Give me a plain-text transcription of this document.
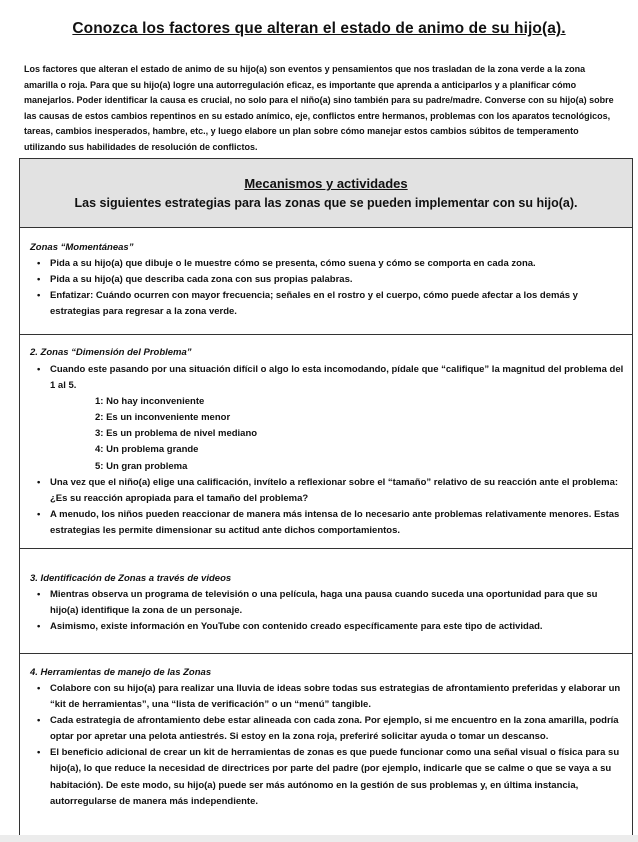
Conozca los factores que alteran el estado de animo de su hijo(a).
Los factores que alteran el estado de animo de su hijo(a) son eventos y pensamientos que nos trasladan de la zona verde a la zona amarilla o roja. Para que su hijo(a) logre una autorregulación eficaz, es importante que aprenda a anticiparlos y a planificar cómo manejarlos. Poder identificar la causa es crucial, no solo para el niño(a) sino también para su padre/madre. Converse con su hijo(a) sobre las causas de estos cambios repentinos en su estado anímico, eje, conflictos entre hermanos, problemas con los aparatos tecnológicos, tareas, cambios inesperados, hambre, etc., y luego elabore un plan sobre cómo manejar estos cambios súbitos de temperamento utilizando sus habilidades de resolución de conflictos.
Mecanismos y actividades
Las siguientes estrategias para las zonas que se pueden implementar con su hijo(a).
Zonas “Momentáneas”
• Pida a su hijo(a) que dibuje o le muestre cómo se presenta, cómo suena y cómo se comporta en cada zona.
• Pida a su hijo(a) que describa cada zona con sus propias palabras.
• Enfatizar: Cuándo ocurren con mayor frecuencia; señales en el rostro y el cuerpo, cómo puede afectar a los demás y estrategias para regresar a la zona verde.
2. Zonas “Dimensión del Problema”
• Cuando este pasando por una situación difícil o algo lo esta incomodando, pídale que “califique” la magnitud del problema del 1 al 5.
1: No hay inconveniente
2: Es un inconveniente menor
3: Es un problema de nivel mediano
4: Un problema grande
5: Un gran problema
• Una vez que el niño(a) elige una calificación, invítelo a reflexionar sobre el “tamaño” relativo de su reacción ante el problema: ¿Es su reacción apropiada para el tamaño del problema?
• A menudo, los niños pueden reaccionar de manera más intensa de lo necesario ante problemas relativamente menores. Estas estrategias les permite dimensionar su actitud ante dichos comportamientos.
3. Identificación de Zonas a través de videos
• Mientras observa un programa de televisión o una película, haga una pausa cuando suceda una oportunidad para que su hijo(a) identifique la zona de un personaje.
• Asimismo, existe información en YouTube con contenido creado específicamente para este tipo de actividad.
4. Herramientas de manejo de las Zonas
• Colabore con su hijo(a) para realizar una lluvia de ideas sobre todas sus estrategias de afrontamiento preferidas y elaborar un “kit de herramientas”, una “lista de verificación” o un “menú” tangible.
• Cada estrategia de afrontamiento debe estar alineada con cada zona. Por ejemplo, si me encuentro en la zona amarilla, podría optar por apretar una pelota antiestrés. Si estoy en la zona roja, preferiré solicitar ayuda o tomar un descanso.
• El beneficio adicional de crear un kit de herramientas de zonas es que puede funcionar como una señal visual o física para su hijo(a), lo que reduce la necesidad de directrices por parte del padre (por ejemplo, indicarle que se calme o que se vaya a su habitación). De este modo, su hijo(a) puede ser más autónomo en la gestión de sus problemas y, en última instancia, autorregularse de manera más independiente.
